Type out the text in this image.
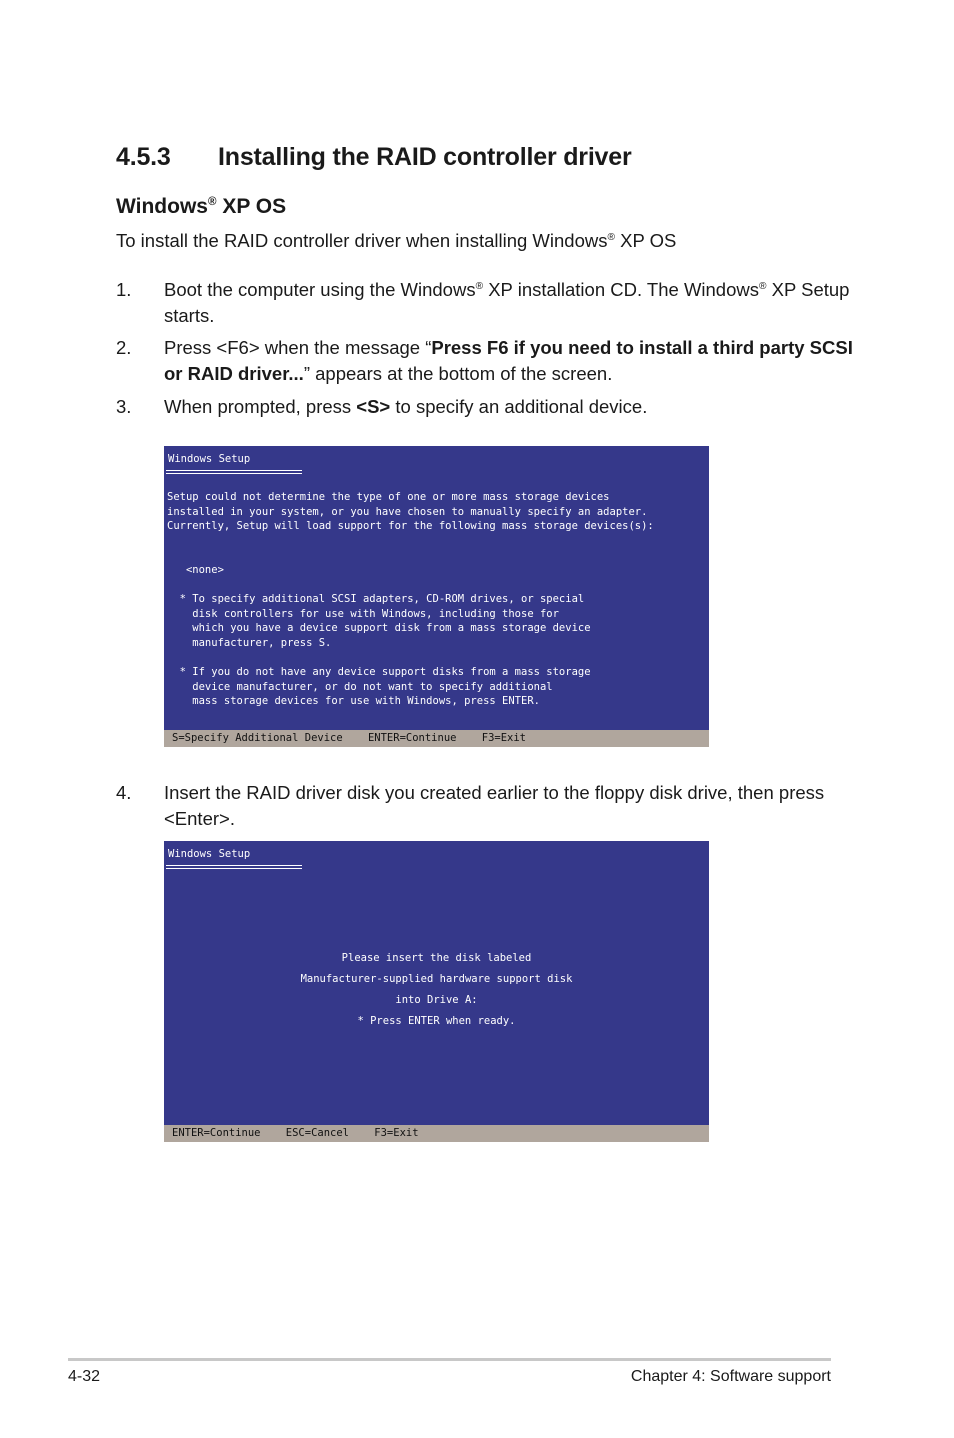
4.5.3 Installing the RAID controller driver
Windows® XP OS
To install the RAID controller driver when installing Windows® XP OS
1. Boot the computer using the Windows® XP installation CD. The Windows® XP Setup starts.
2. Press <F6> when the message “Press F6 if you need to install a third party SCSI or RAID driver...” appears at the bottom of the screen.
3. When prompted, press <S> to specify an additional device.
Windows Setup
Setup could not determine the type of one or more mass storage devices
installed in your system, or you have chosen to manually specify an adapter.
Currently, Setup will load support for the following mass storage devices(s):

<none>

* To specify additional SCSI adapters, CD-ROM drives, or special
disk controllers for use with Windows, including those for
which you have a device support disk from a mass storage device
manufacturer, press S.

* If you do not have any device support disks from a mass storage
device manufacturer, or do not want to specify additional
mass storage devices for use with Windows, press ENTER.
S=Specify Additional Device    ENTER=Continue    F3=Exit
4. Insert the RAID driver disk you created earlier to the floppy disk drive, then press <Enter>.
Windows Setup
Please insert the disk labeled
Manufacturer-supplied hardware support disk
into Drive A:
* Press ENTER when ready.
ENTER=Continue    ESC=Cancel    F3=Exit
4-32	Chapter 4: Software support
